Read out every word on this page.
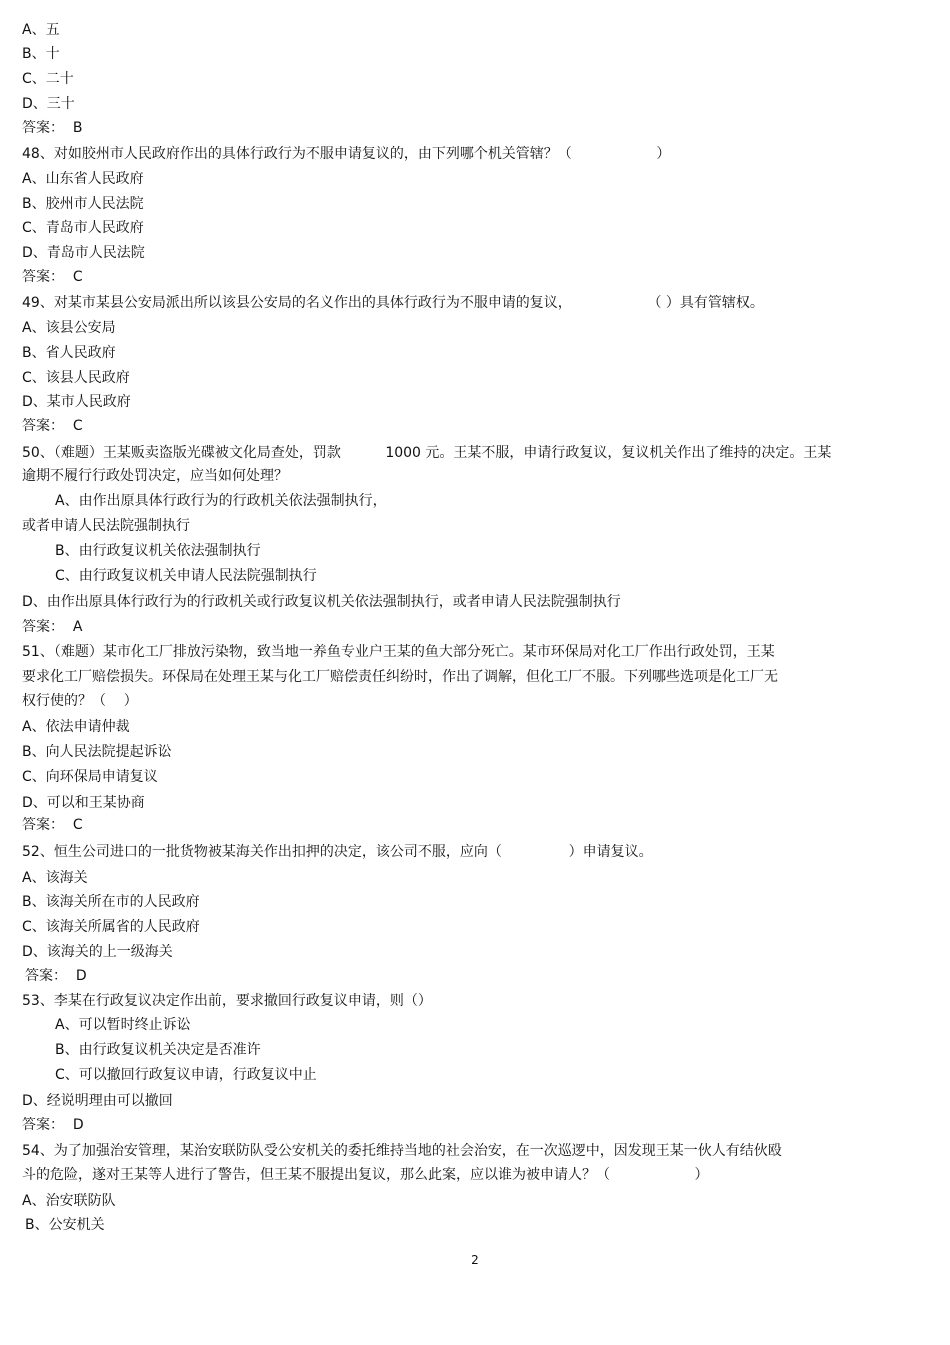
A、五

B、十

C、二十

D、三十

答案：  B

48、对如胶州市人民政府作出的具体行政行为不服申请复议的，由下列哪个机关管辖？（                   ）

A、山东省人民政府

B、胶州市人民法院

C、青岛市人民政府

D、青岛市人民法院

答案：  C

49、对某市某县公安局派出所以该县公安局的名义作出的具体行政行为不服申请的复议，                 （ ）具有管辖权。

A、该县公安局

B、省人民政府

C、该县人民政府

D、某市人民政府

答案：  C

50、（难题）王某贩卖盗版光碟被文化局查处，罚款          1000 元。王某不服，申请行政复议，复议机关作出了维持的决定。王某

逾期不履行行政处罚决定，应当如何处理？

A、由作出原具体行政行为的行政机关依法强制执行，

或者申请人民法院强制执行

B、由行政复议机关依法强制执行

C、由行政复议机关申请人民法院强制执行

D、由作出原具体行政行为的行政机关或行政复议机关依法强制执行，或者申请人民法院强制执行

答案：  A

51、（难题）某市化工厂排放污染物，致当地一养鱼专业户王某的鱼大部分死亡。某市环保局对化工厂作出行政处罚，王某

要求化工厂赔偿损失。环保局在处理王某与化工厂赔偿责任纠纷时，作出了调解，但化工厂不服。下列哪些选项是化工厂无

权行使的？（    ）

A、依法申请仲裁

B、向人民法院提起诉讼

C、向环保局申请复议

D、可以和王某协商

答案：  C

52、恒生公司进口的一批货物被某海关作出扣押的决定，该公司不服，应向（               ）申请复议。

A、该海关

B、该海关所在市的人民政府

C、该海关所属省的人民政府

D、该海关的上一级海关

答案：  D

53、李某在行政复议决定作出前，要求撤回行政复议申请，则（）

A、可以暂时终止诉讼

B、由行政复议机关决定是否准许

C、可以撤回行政复议申请，行政复议中止

D、经说明理由可以撤回

答案：  D

54、为了加强治安管理，某治安联防队受公安机关的委托维持当地的社会治安，在一次巡逻中，因发现王某一伙人有结伙殴

斗的危险，遂对王某等人进行了警告，但王某不服提出复议，那么此案，应以谁为被申请人？（                   ）

A、治安联防队

B、公安机关

2
